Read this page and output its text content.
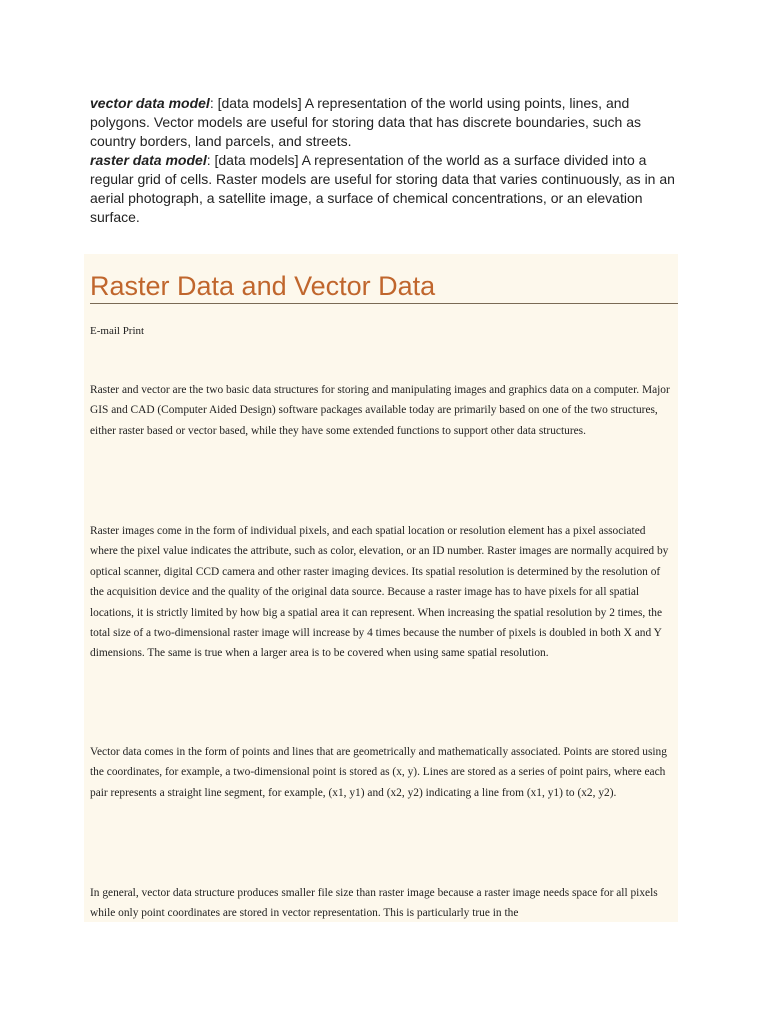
vector data model: [data models] A representation of the world using points, lines, and polygons. Vector models are useful for storing data that has discrete boundaries, such as country borders, land parcels, and streets.

raster data model: [data models] A representation of the world as a surface divided into a regular grid of cells. Raster models are useful for storing data that varies continuously, as in an aerial photograph, a satellite image, a surface of chemical concentrations, or an elevation surface.

Raster Data and Vector Data
E-mail Print

Raster and vector are the two basic data structures for storing and manipulating images and graphics data on a computer. Major GIS and CAD (Computer Aided Design) software packages available today are primarily based on one of the two structures, either raster based or vector based, while they have some extended functions to support other data structures.

Raster images come in the form of individual pixels, and each spatial location or resolution element has a pixel associated where the pixel value indicates the attribute, such as color, elevation, or an ID number. Raster images are normally acquired by optical scanner, digital CCD camera and other raster imaging devices. Its spatial resolution is determined by the resolution of the acquisition device and the quality of the original data source. Because a raster image has to have pixels for all spatial locations, it is strictly limited by how big a spatial area it can represent. When increasing the spatial resolution by 2 times, the total size of a two-dimensional raster image will increase by 4 times because the number of pixels is doubled in both X and Y dimensions. The same is true when a larger area is to be covered when using same spatial resolution.

Vector data comes in the form of points and lines that are geometrically and mathematically associated. Points are stored using the coordinates, for example, a two-dimensional point is stored as (x, y). Lines are stored as a series of point pairs, where each pair represents a straight line segment, for example, (x1, y1) and (x2, y2) indicating a line from (x1, y1) to (x2, y2).

In general, vector data structure produces smaller file size than raster image because a raster image needs space for all pixels while only point coordinates are stored in vector representation. This is particularly true in the
